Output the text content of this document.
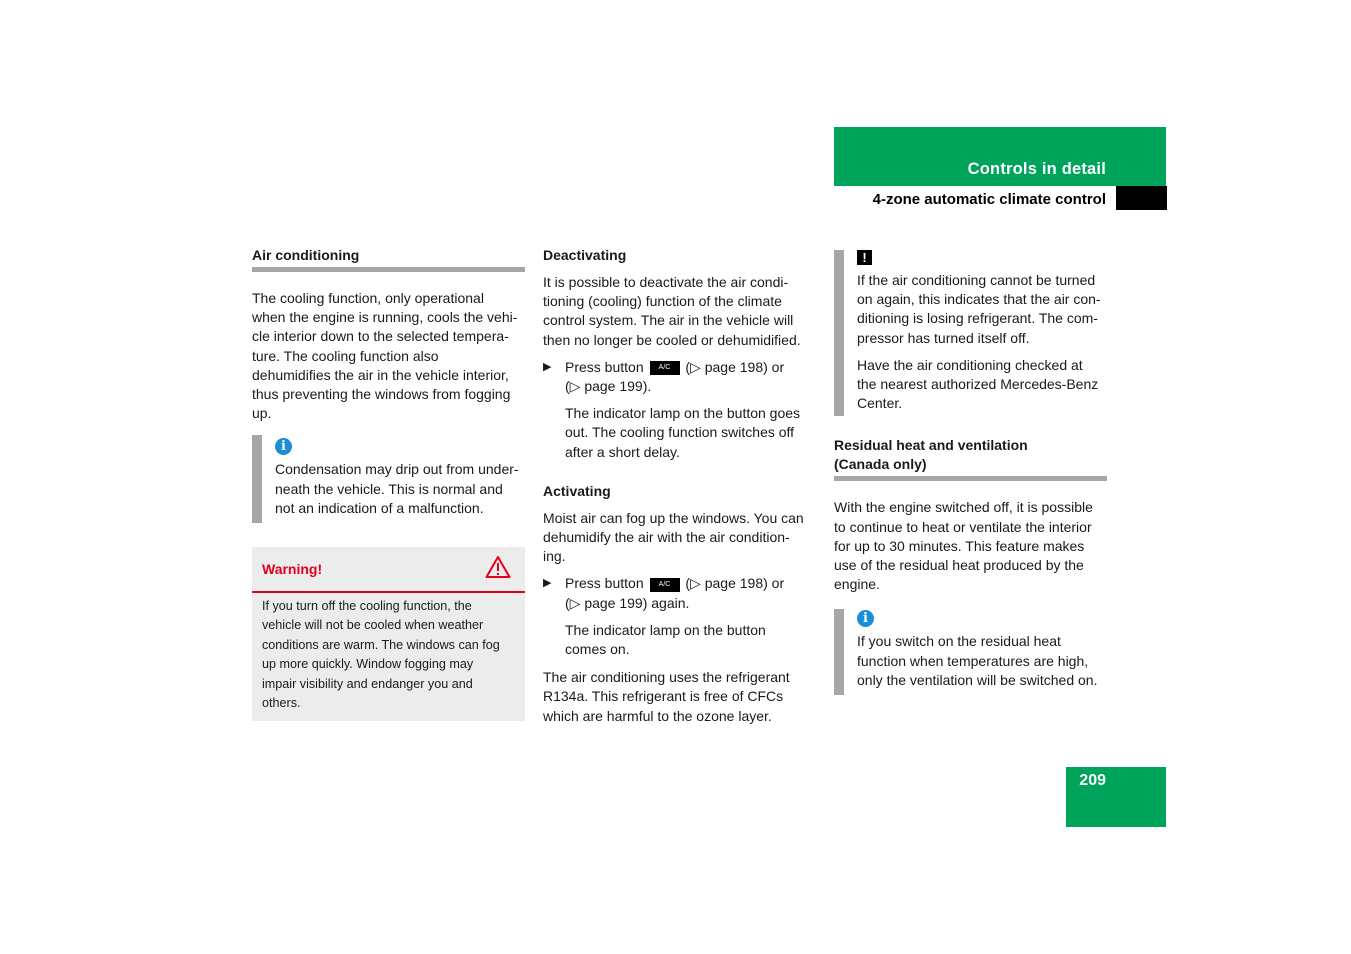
Controls in detail
4-zone automatic climate control
Air conditioning

The cooling function, only operational
when the engine is running, cools the vehi-
cle interior down to the selected tempera-
ture. The cooling function also
dehumidifies the air in the vehicle interior,
thus preventing the windows from fogging
up.

i

Condensation may drip out from under-
neath the vehicle. This is normal and
not an indication of a malfunction.

Warning!

If you turn off the cooling function, the
vehicle will not be cooled when weather
conditions are warm. The windows can fog
up more quickly. Window fogging may
impair visibility and endanger you and
others.

Deactivating

It is possible to deactivate the air condi-
tioning (cooling) function of the climate
control system. The air in the vehicle will
then no longer be cooled or dehumidified.

▶ Press button A/C (▷ page 198) or
(▷ page 199).

The indicator lamp on the button goes
out. The cooling function switches off
after a short delay.

Activating

Moist air can fog up the windows. You can
dehumidify the air with the air condition-
ing.

▶ Press button A/C (▷ page 198) or
(▷ page 199) again.

The indicator lamp on the button
comes on.

The air conditioning uses the refrigerant
R134a. This refrigerant is free of CFCs
which are harmful to the ozone layer.

!

If the air conditioning cannot be turned
on again, this indicates that the air con-
ditioning is losing refrigerant. The com-
pressor has turned itself off.

Have the air conditioning checked at
the nearest authorized Mercedes-Benz
Center.

Residual heat and ventilation
(Canada only)

With the engine switched off, it is possible
to continue to heat or ventilate the interior
for up to 30 minutes. This feature makes
use of the residual heat produced by the
engine.

i

If you switch on the residual heat
function when temperatures are high,
only the ventilation will be switched on.

209
